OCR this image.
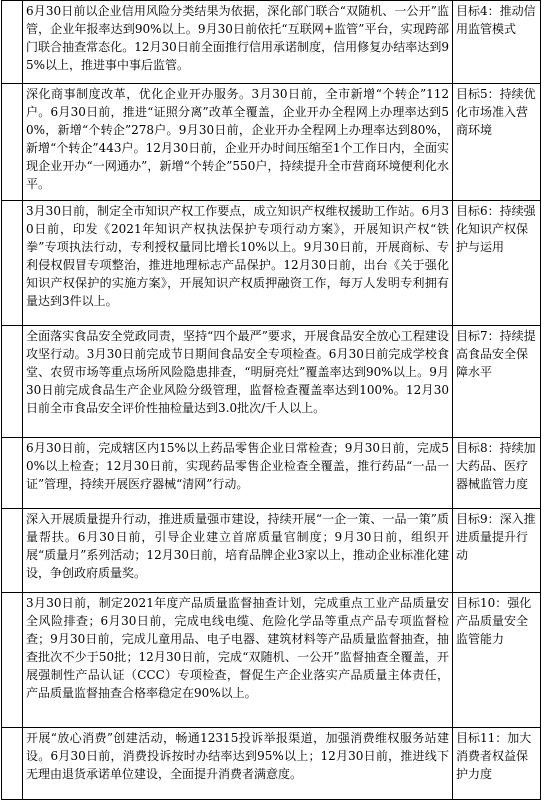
6月30日前以企业信用风险分类结果为依据，深化部门联合“双随机、一公开”监管，企业年报率达到90%以上。9月30日前依托“互联网+监管”平台，实现跨部门联合抽查常态化。12月30日前全面推行信用承诺制度，信用修复办结率达到95%以上，推进事中事后监管。
目标4：推动信用监管模式
深化商事制度改革，优化企业开办服务。3月30日前，全市新增“个转企”112户。6月30日前，推进“证照分离”改革全覆盖，企业开办全程网上办理率达到50%，新增“个转企”278户。9月30日前，企业开办全程网上办理率达到80%，新增“个转企”443户。12月30日前，企业开办时间压缩至1个工作日内，全面实现企业开办“一网通办”，新增“个转企”550户，持续提升全市营商环境便利化水平。
目标5：持续优化市场准入营商环境
3月30日前，制定全市知识产权工作要点，成立知识产权维权援助工作站。6月30日前，印发《2021年知识产权执法保护专项行动方案》，开展知识产权“铁拳”专项执法行动，专利授权量同比增长10%以上。9月30日前，开展商标、专利侵权假冒专项整治，推进地理标志产品保护。12月30日前，出台《关于强化知识产权保护的实施方案》，开展知识产权质押融资工作，每万人发明专利拥有量达到3件以上。
目标6：持续强化知识产权保护与运用
全面落实食品安全党政同责，坚持“四个最严”要求，开展食品安全放心工程建设攻坚行动。3月30日前完成节日期间食品安全专项检查。6月30日前完成学校食堂、农贸市场等重点场所风险隐患排查，“明厨亮灶”覆盖率达到90%以上。9月30日前完成食品生产企业风险分级管理，监督检查覆盖率达到100%。12月30日前全市食品安全评价性抽检量达到3.0批次/千人以上。
目标7：持续提高食品安全保障水平
6月30日前，完成辖区内15%以上药品零售企业日常检查；9月30日前，完成50%以上检查；12月30日前，实现药品零售企业检查全覆盖，推行药品“一品一证”管理，持续开展医疗器械“清网”行动。
目标8：持续加大药品、医疗器械监管力度
深入开展质量提升行动，推进质量强市建设，持续开展“一企一策、一品一策”质量帮扶。6月30日前，引导企业建立首席质量官制度；9月30日前，组织开展“质量月”系列活动；12月30日前，培育品牌企业3家以上，推动企业标准化建设，争创政府质量奖。
目标9：深入推进质量提升行动
3月30日前，制定2021年度产品质量监督抽查计划，完成重点工业产品质量安全风险排查；6月30日前，完成电线电缆、危险化学品等重点产品专项监督检查；9月30日前，完成儿童用品、电子电器、建筑材料等产品质量监督抽查，抽查批次不少于50批；12月30日前，完成“双随机、一公开”监督抽查全覆盖，开展强制性产品认证（CCC）专项检查，督促生产企业落实产品质量主体责任，产品质量监督抽查合格率稳定在90%以上。
目标10：强化产品质量安全监管能力
开展“放心消费”创建活动，畅通12315投诉举报渠道，加强消费维权服务站建设。6月30日前，消费投诉按时办结率达到95%以上；12月30日前，推进线下无理由退货承诺单位建设，全面提升消费者满意度。
目标11：加大消费者权益保护力度
